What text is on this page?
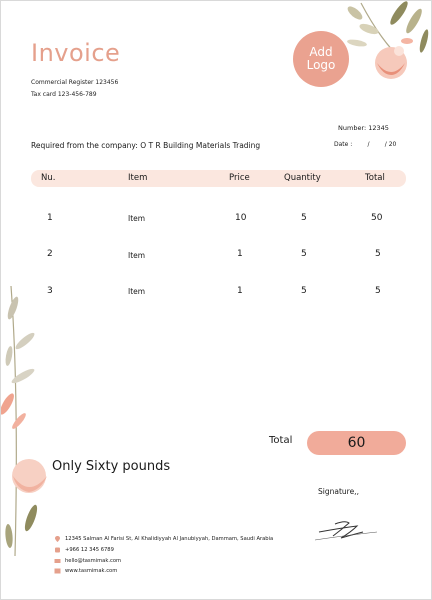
Invoice
Commercial Register 123456
Tax card 123-456-789
Add
Logo
Number: 12345
Required from the company: O T R Building Materials Trading	Date :        /        / 20
Nu.	Item	Price	Quantity	Total
1	Item	10	5	50
2	Item	1	5	5
3	Item	1	5	5
Total	60
Only Sixty pounds
Signature,,
12345 Salman Al Farisi St, Al Khalidiyyah Al Janubiyyah, Dammam, Saudi Arabia
+966 12 345 6789
hello@tasmimak.com
www.tasmimak.com
